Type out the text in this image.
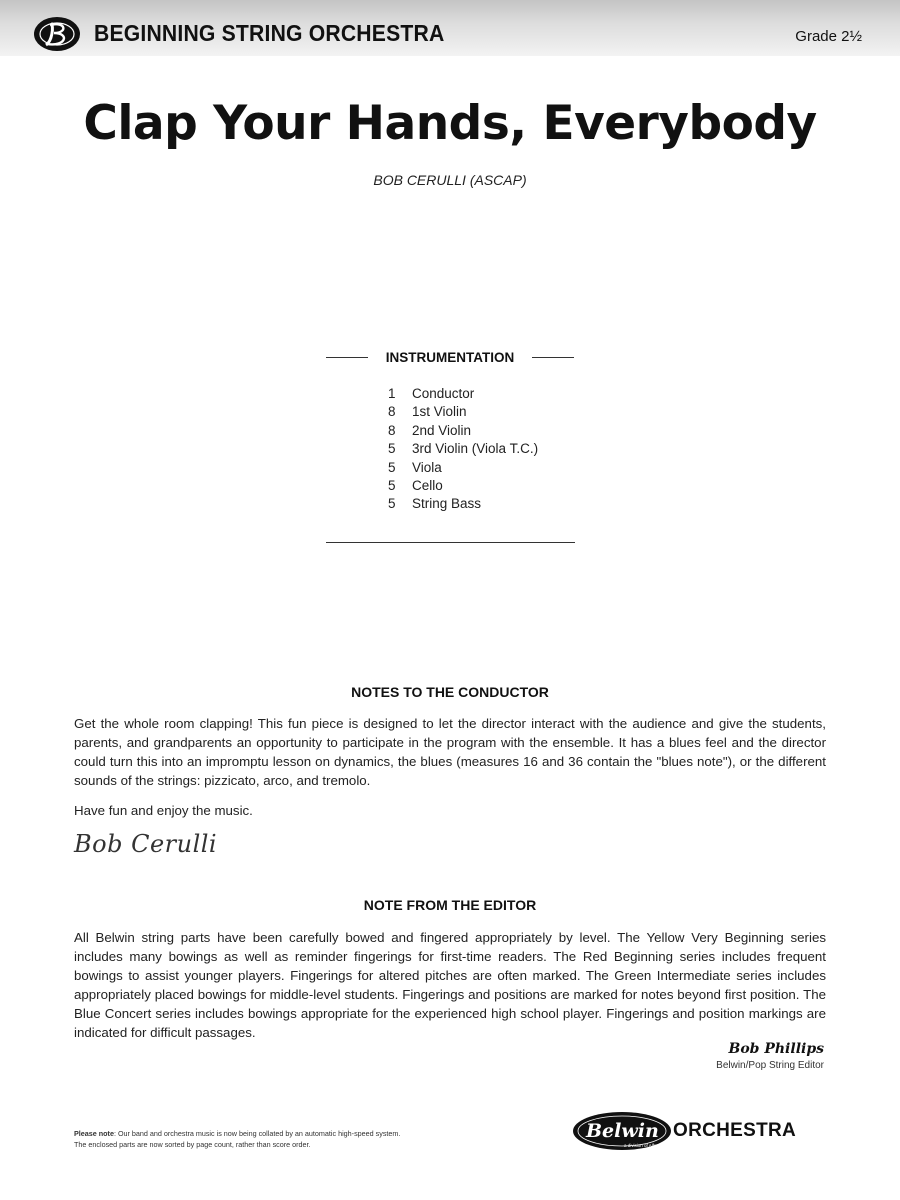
BEGINNING STRING ORCHESTRA	Grade 2½
Clap Your Hands, Everybody
BOB CERULLI (ASCAP)
INSTRUMENTATION
1	Conductor
8	1st Violin
8	2nd Violin
5	3rd Violin (Viola T.C.)
5	Viola
5	Cello
5	String Bass
NOTES TO THE CONDUCTOR
Get the whole room clapping! This fun piece is designed to let the director interact with the audience and give the students, parents, and grandparents an opportunity to participate in the program with the ensemble. It has a blues feel and the director could turn this into an impromptu lesson on dynamics, the blues (measures 16 and 36 contain the "blues note"), or the different sounds of the strings: pizzicato, arco, and tremolo.
Have fun and enjoy the music.
Bob Cerulli
NOTE FROM THE EDITOR
All Belwin string parts have been carefully bowed and fingered appropriately by level. The Yellow Very Beginning series includes many bowings as well as reminder fingerings for first-time readers. The Red Beginning series includes frequent bowings to assist younger players. Fingerings for altered pitches are often marked. The Green Intermediate series includes appropriately placed bowings for middle-level students. Fingerings and positions are marked for notes beyond first position. The Blue Concert series includes bowings appropriate for the experienced high school player. Fingerings and position markings are indicated for difficult passages.
Bob Phillips
Belwin/Pop String Editor
Please note: Our band and orchestra music is now being collated by an automatic high-speed system.
The enclosed parts are now sorted by page count, rather than score order.
Belwin
a division of Alfred
ORCHESTRA
